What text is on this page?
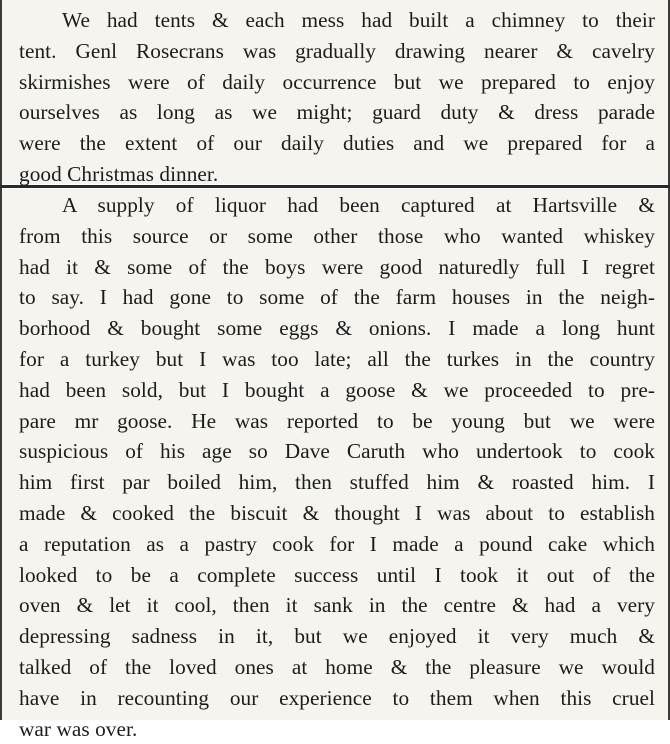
We had tents & each mess had built a chimney to their
tent. Genl Rosecrans was gradually drawing nearer & cavelry
skirmishes were of daily occurrence but we prepared to enjoy
ourselves as long as we might; guard duty & dress parade
were the extent of our daily duties and we prepared for a
good Christmas dinner.
A supply of liquor had been captured at Hartsville &
from this source or some other those who wanted whiskey
had it & some of the boys were good naturedly full I regret
to say. I had gone to some of the farm houses in the neigh-
borhood & bought some eggs & onions. I made a long hunt
for a turkey but I was too late; all the turkes in the country
had been sold, but I bought a goose & we proceeded to pre-
pare mr goose. He was reported to be young but we were
suspicious of his age so Dave Caruth who undertook to cook
him first par boiled him, then stuffed him & roasted him. I
made & cooked the biscuit & thought I was about to establish
a reputation as a pastry cook for I made a pound cake which
looked to be a complete success until I took it out of the
oven & let it cool, then it sank in the centre & had a very
depressing sadness in it, but we enjoyed it very much &
talked of the loved ones at home & the pleasure we would
have in recounting our experience to them when this cruel
war was over.
